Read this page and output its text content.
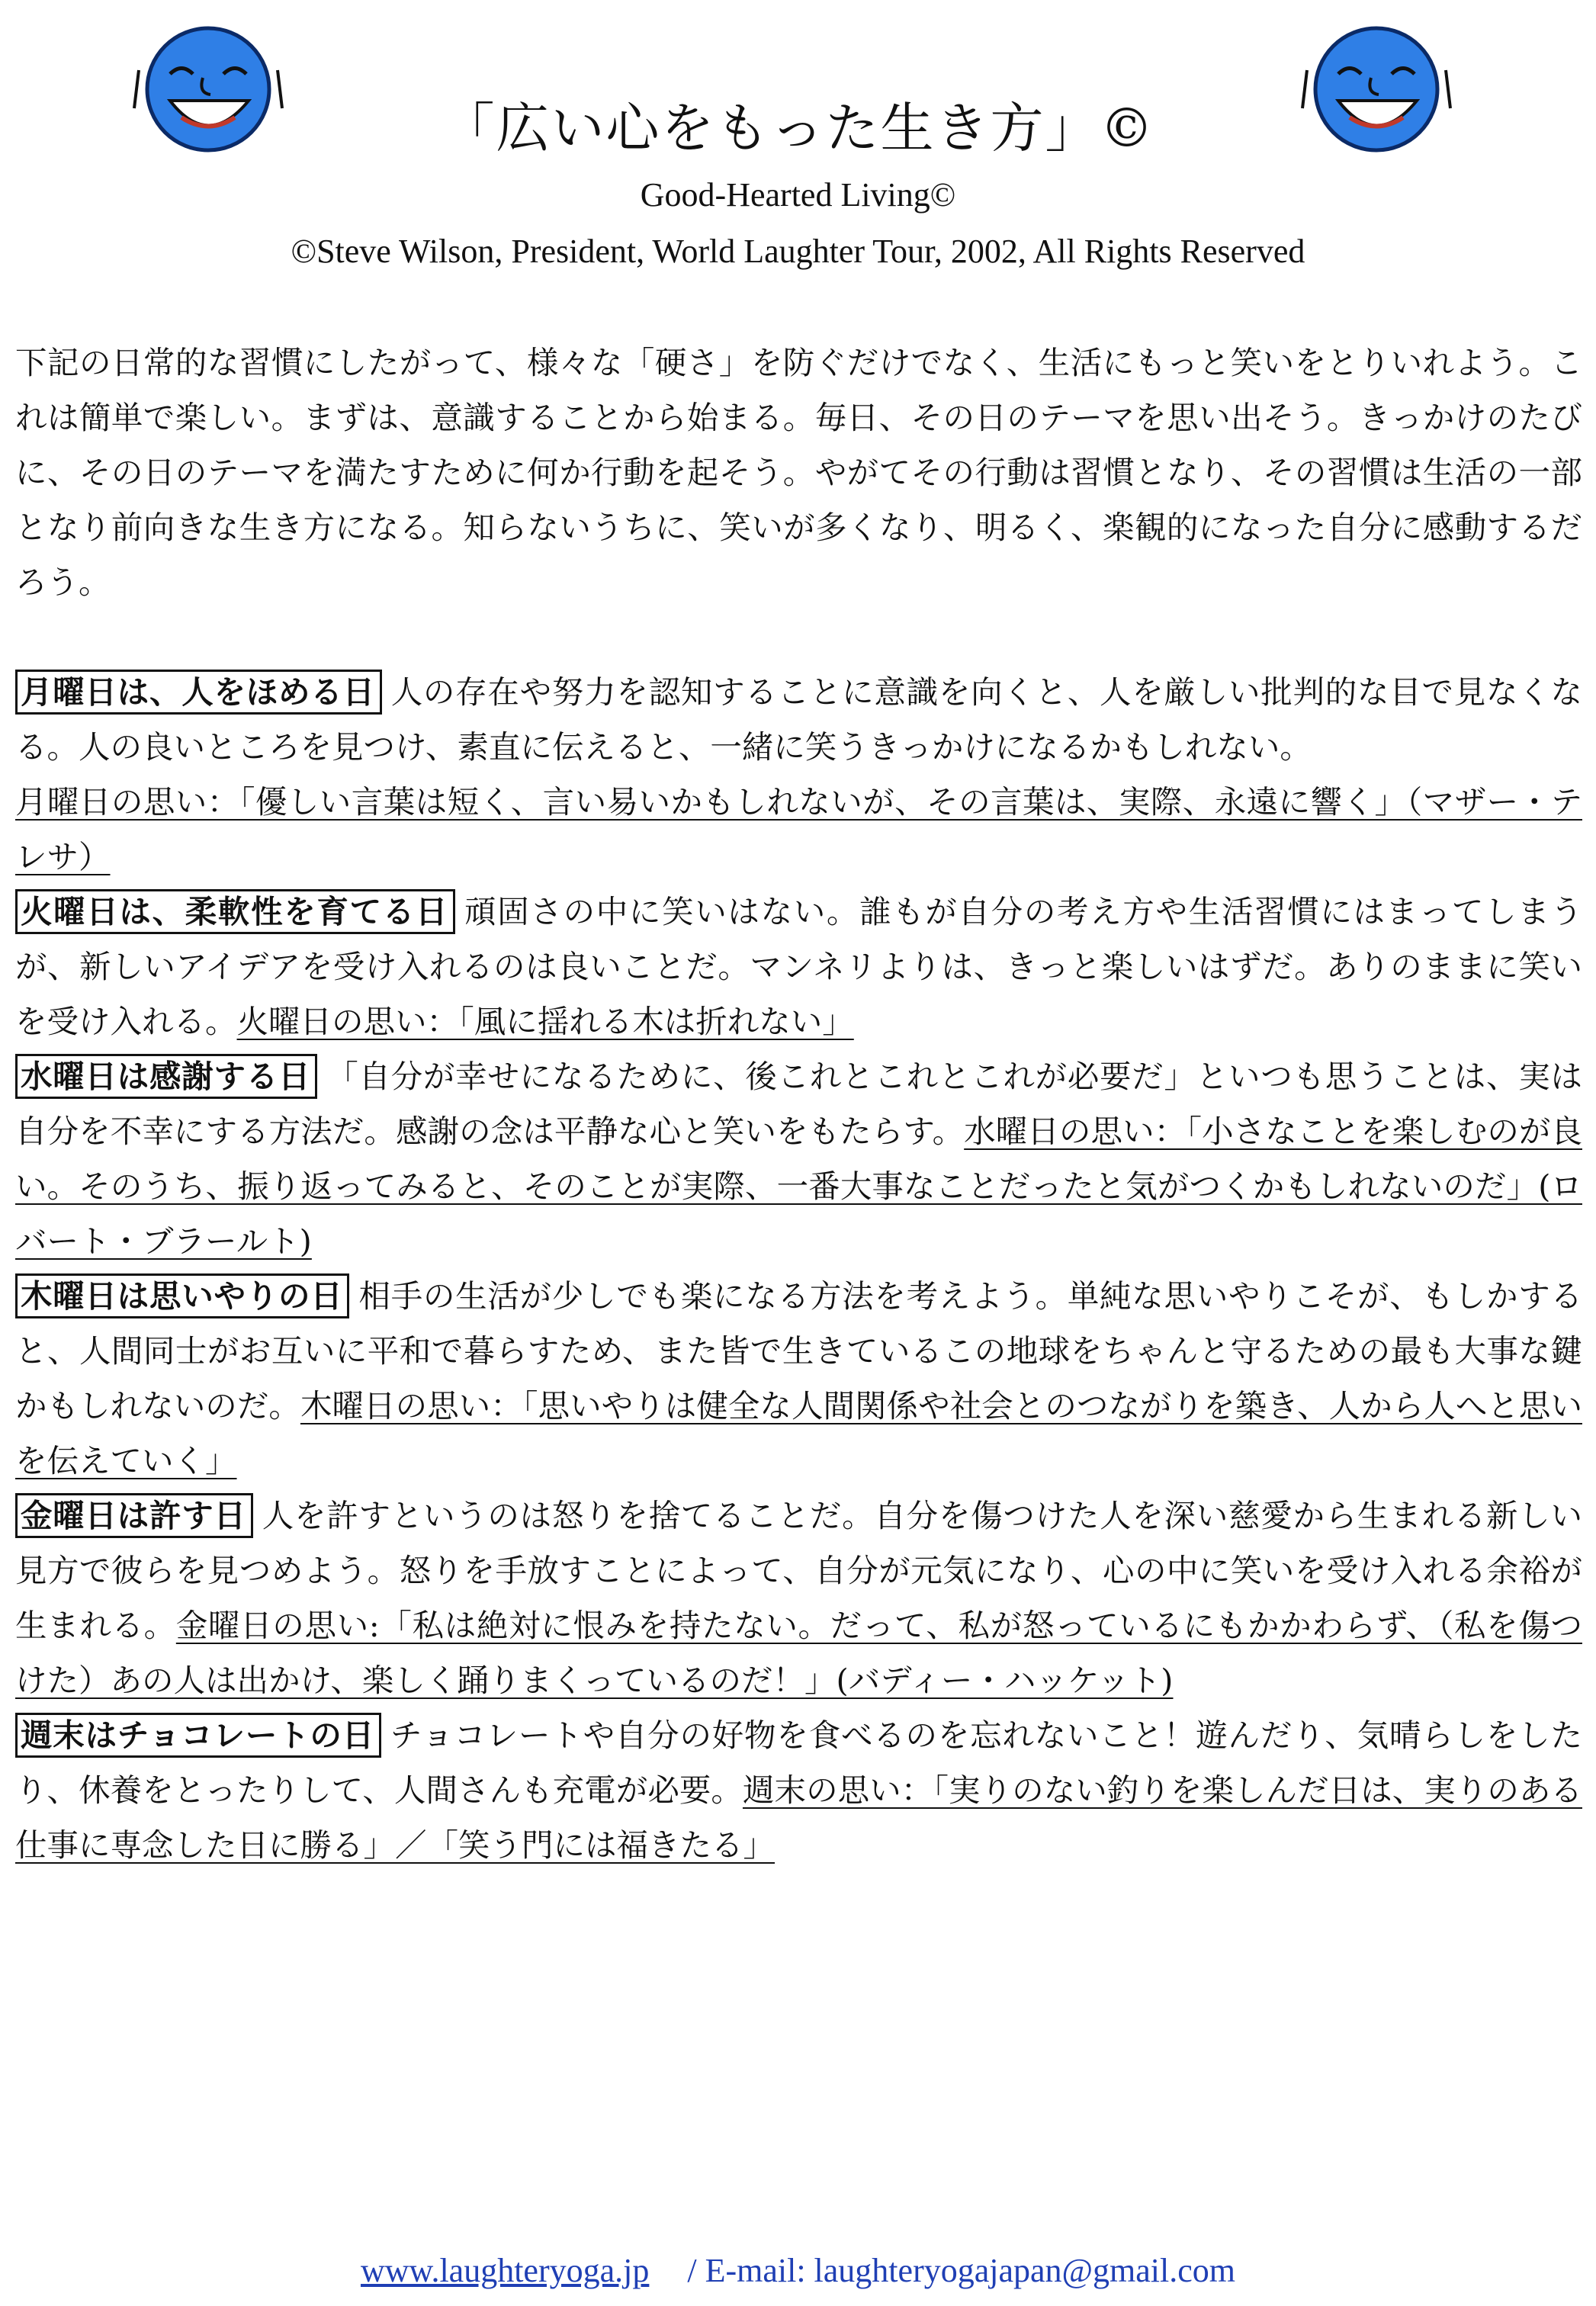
「広い心をもった生き方」©
Good-Hearted Living©
©Steve Wilson, President, World Laughter Tour, 2002, All Rights Reserved

下記の日常的な習慣にしたがって、様々な「硬さ」を防ぐだけでなく、生活にもっと笑いをとりいれよう。これは簡単で楽しい。まずは、意識することから始まる。毎日、その日のテーマを思い出そう。きっかけのたびに、その日のテーマを満たすために何か行動を起そう。やがてその行動は習慣となり、その習慣は生活の一部となり前向きな生き方になる。知らないうちに、笑いが多くなり、明るく、楽観的になった自分に感動するだろう。

月曜日は、人をほめる日 人の存在や努力を認知することに意識を向くと、人を厳しい批判的な目で見なくなる。人の良いところを見つけ、素直に伝えると、一緒に笑うきっかけになるかもしれない。
月曜日の思い：「優しい言葉は短く、言い易いかもしれないが、その言葉は、実際、永遠に響く」（マザー・テレサ）

火曜日は、柔軟性を育てる日 頑固さの中に笑いはない。誰もが自分の考え方や生活習慣にはまってしまうが、新しいアイデアを受け入れるのは良いことだ。マンネリよりは、きっと楽しいはずだ。ありのままに笑いを受け入れる。火曜日の思い：「風に揺れる木は折れない」

水曜日は感謝する日 「自分が幸せになるために、後これとこれとこれが必要だ」といつも思うことは、実は自分を不幸にする方法だ。感謝の念は平静な心と笑いをもたらす。水曜日の思い：「小さなことを楽しむのが良い。そのうち、振り返ってみると、そのことが実際、一番大事なことだったと気がつくかもしれないのだ」(ロバート・ブラールト)

木曜日は思いやりの日 相手の生活が少しでも楽になる方法を考えよう。単純な思いやりこそが、もしかすると、人間同士がお互いに平和で暮らすため、また皆で生きているこの地球をちゃんと守るための最も大事な鍵かもしれないのだ。木曜日の思い：「思いやりは健全な人間関係や社会とのつながりを築き、人から人へと思いを伝えていく」

金曜日は許す日 人を許すというのは怒りを捨てることだ。自分を傷つけた人を深い慈愛から生まれる新しい見方で彼らを見つめよう。怒りを手放すことによって、自分が元気になり、心の中に笑いを受け入れる余裕が生まれる。金曜日の思い:「私は絶対に恨みを持たない。だって、私が怒っているにもかかわらず、（私を傷つけた）あの人は出かけ、楽しく踊りまくっているのだ！」(バディー・ハッケット)

週末はチョコレートの日 チョコレートや自分の好物を食べるのを忘れないこと！遊んだり、気晴らしをしたり、休養をとったりして、人間さんも充電が必要。週末の思い：「実りのない釣りを楽しんだ日は、実りのある仕事に専念した日に勝る」／「笑う門には福きたる」

www.laughteryoga.jp / E-mail: laughteryogajapan@gmail.com
